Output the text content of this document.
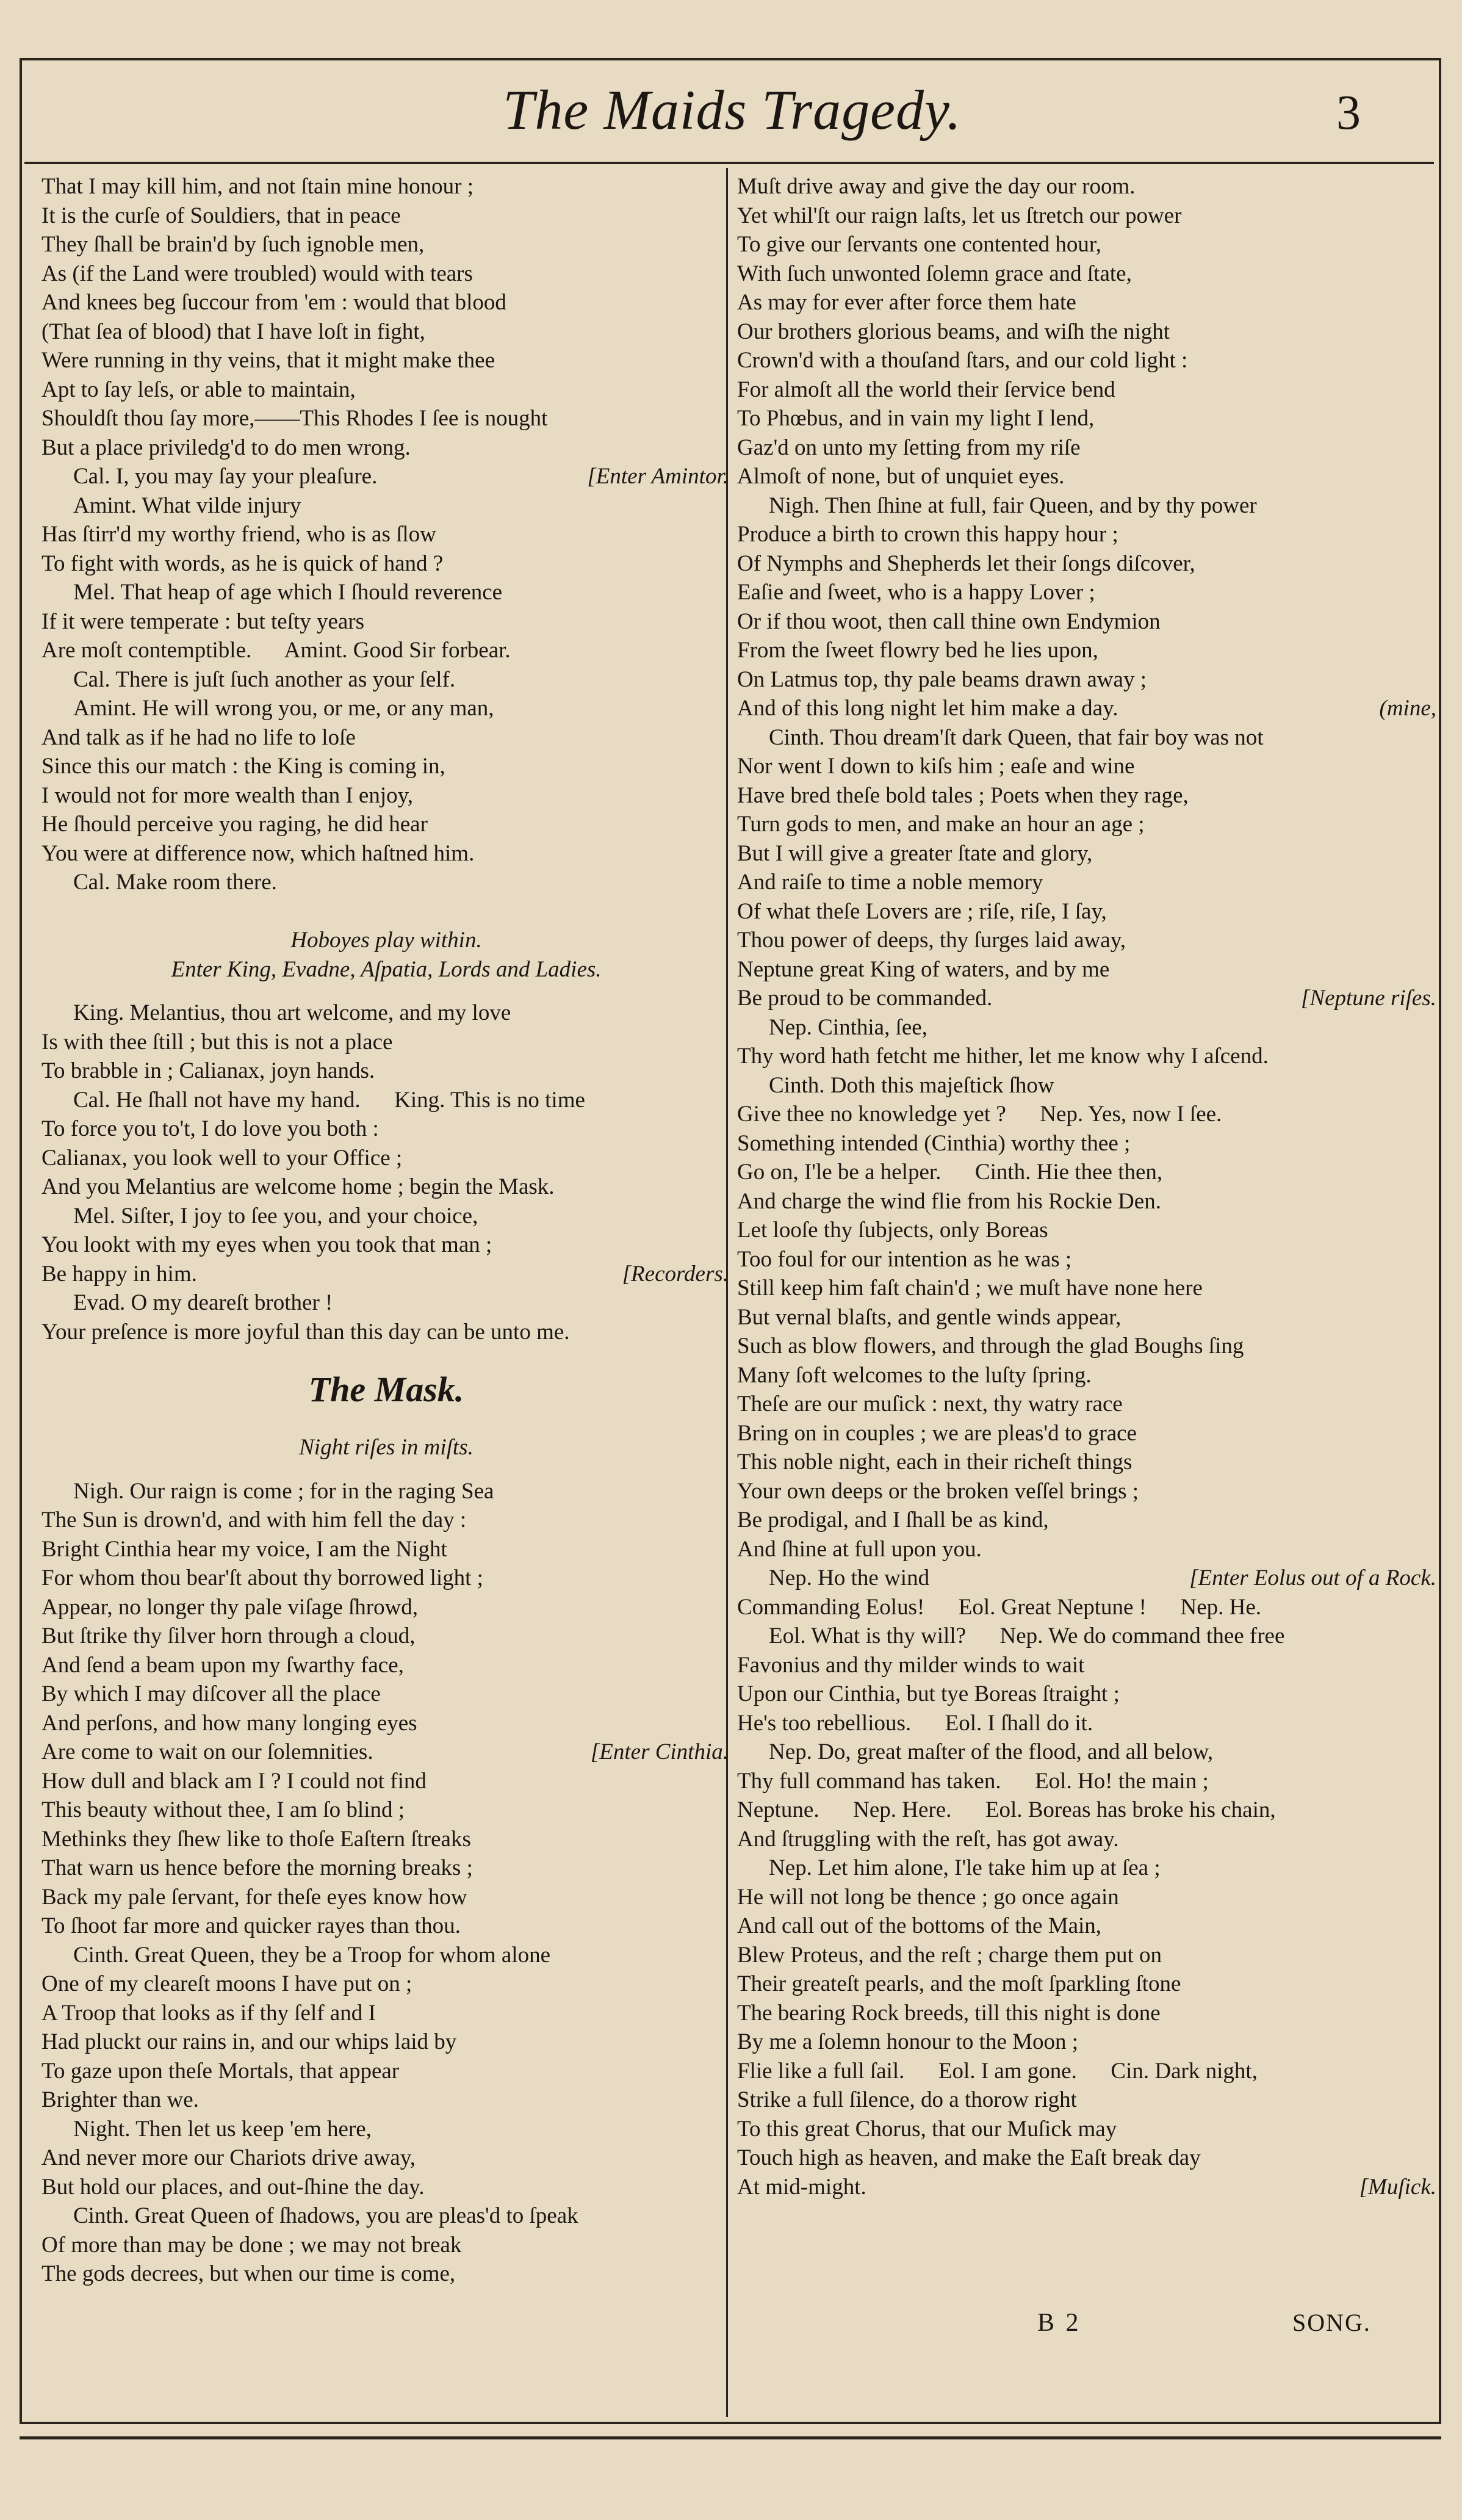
The Maids Tragedy.	3
That I may kill him, and not ſtain mine honour ;
It is the curſe of Souldiers, that in peace
They ſhall be brain'd by ſuch ignoble men,
As (if the Land were troubled) would with tears
And knees beg ſuccour from 'em : would that blood
(That ſea of blood) that I have loſt in fight,
Were running in thy veins, that it might make thee
Apt to ſay leſs, or able to maintain,
Shouldſt thou ſay more,——This Rhodes I ſee is nought
But a place priviledg'd to do men wrong.
Cal. I, you may ſay your pleaſure.	[Enter Amintor.
Amint. What vilde injury
Has ſtirr'd my worthy friend, who is as ſlow
To fight with words, as he is quick of hand ?
Mel. That heap of age which I ſhould reverence
If it were temperate : but teſty years
Are moſt contemptible.      Amint. Good Sir forbear.
Cal. There is juſt ſuch another as your ſelf.
Amint. He will wrong you, or me, or any man,
And talk as if he had no life to loſe
Since this our match : the King is coming in,
I would not for more wealth than I enjoy,
He ſhould perceive you raging, he did hear
You were at difference now, which haſtned him.
Cal. Make room there.
Hoboyes play within.
Enter King, Evadne, Aſpatia, Lords and Ladies.
King. Melantius, thou art welcome, and my love
Is with thee ſtill ; but this is not a place
To brabble in ; Calianax, joyn hands.
Cal. He ſhall not have my hand.      King. This is no time
To force you to't, I do love you both :
Calianax, you look well to your Office ;
And you Melantius are welcome home ; begin the Mask.
Mel. Siſter, I joy to ſee you, and your choice,
You lookt with my eyes when you took that man ;
Be happy in him.	[Recorders.
Evad. O my deareſt brother !
Your preſence is more joyful than this day can be unto me.
The Mask.
Night riſes in miſts.
Nigh. Our raign is come ; for in the raging Sea
The Sun is drown'd, and with him fell the day :
Bright Cinthia hear my voice, I am the Night
For whom thou bear'ſt about thy borrowed light ;
Appear, no longer thy pale viſage ſhrowd,
But ſtrike thy ſilver horn through a cloud,
And ſend a beam upon my ſwarthy face,
By which I may diſcover all the place
And perſons, and how many longing eyes
Are come to wait on our ſolemnities.	[Enter Cinthia.
How dull and black am I ? I could not find
This beauty without thee, I am ſo blind ;
Methinks they ſhew like to thoſe Eaſtern ſtreaks
That warn us hence before the morning breaks ;
Back my pale ſervant, for theſe eyes know how
To ſhoot far more and quicker rayes than thou.
Cinth. Great Queen, they be a Troop for whom alone
One of my cleareſt moons I have put on ;
A Troop that looks as if thy ſelf and I
Had pluckt our rains in, and our whips laid by
To gaze upon theſe Mortals, that appear
Brighter than we.
Night. Then let us keep 'em here,
And never more our Chariots drive away,
But hold our places, and out-ſhine the day.
Cinth. Great Queen of ſhadows, you are pleas'd to ſpeak
Of more than may be done ; we may not break
The gods decrees, but when our time is come,
Muſt drive away and give the day our room.
Yet whil'ſt our raign laſts, let us ſtretch our power
To give our ſervants one contented hour,
With ſuch unwonted ſolemn grace and ſtate,
As may for ever after force them hate
Our brothers glorious beams, and wiſh the night
Crown'd with a thouſand ſtars, and our cold light :
For almoſt all the world their ſervice bend
To Phœbus, and in vain my light I lend,
Gaz'd on unto my ſetting from my riſe
Almoſt of none, but of unquiet eyes.
Nigh. Then ſhine at full, fair Queen, and by thy power
Produce a birth to crown this happy hour ;
Of Nymphs and Shepherds let their ſongs diſcover,
Eaſie and ſweet, who is a happy Lover ;
Or if thou woot, then call thine own Endymion
From the ſweet flowry bed he lies upon,
On Latmus top, thy pale beams drawn away ;
And of this long night let him make a day.	(mine,
Cinth. Thou dream'ſt dark Queen, that fair boy was not
Nor went I down to kiſs him ; eaſe and wine
Have bred theſe bold tales ; Poets when they rage,
Turn gods to men, and make an hour an age ;
But I will give a greater ſtate and glory,
And raiſe to time a noble memory
Of what theſe Lovers are ; riſe, riſe, I ſay,
Thou power of deeps, thy ſurges laid away,
Neptune great King of waters, and by me
Be proud to be commanded.	[Neptune riſes.
Nep. Cinthia, ſee,
Thy word hath fetcht me hither, let me know why I aſcend.
Cinth. Doth this majeſtick ſhow
Give thee no knowledge yet ?      Nep. Yes, now I ſee.
Something intended (Cinthia) worthy thee ;
Go on, I'le be a helper.      Cinth. Hie thee then,
And charge the wind flie from his Rockie Den.
Let looſe thy ſubjects, only Boreas
Too foul for our intention as he was ;
Still keep him faſt chain'd ; we muſt have none here
But vernal blaſts, and gentle winds appear,
Such as blow flowers, and through the glad Boughs ſing
Many ſoft welcomes to the luſty ſpring.
Theſe are our muſick : next, thy watry race
Bring on in couples ; we are pleas'd to grace
This noble night, each in their richeſt things
Your own deeps or the broken veſſel brings ;
Be prodigal, and I ſhall be as kind,
And ſhine at full upon you.
Nep. Ho the wind	[Enter Eolus out of a Rock.
Commanding Eolus!      Eol. Great Neptune !      Nep. He.
Eol. What is thy will?      Nep. We do command thee free
Favonius and thy milder winds to wait
Upon our Cinthia, but tye Boreas ſtraight ;
He's too rebellious.      Eol. I ſhall do it.
Nep. Do, great maſter of the flood, and all below,
Thy full command has taken.      Eol. Ho! the main ;
Neptune.      Nep. Here.      Eol. Boreas has broke his chain,
And ſtruggling with the reſt, has got away.
Nep. Let him alone, I'le take him up at ſea ;
He will not long be thence ; go once again
And call out of the bottoms of the Main,
Blew Proteus, and the reſt ; charge them put on
Their greateſt pearls, and the moſt ſparkling ſtone
The bearing Rock breeds, till this night is done
By me a ſolemn honour to the Moon ;
Flie like a full ſail.      Eol. I am gone.      Cin. Dark night,
Strike a full ſilence, do a thorow right
To this great Chorus, that our Muſick may
Touch high as heaven, and make the Eaſt break day
At mid-might.	[Muſick.
B 2	SONG.
